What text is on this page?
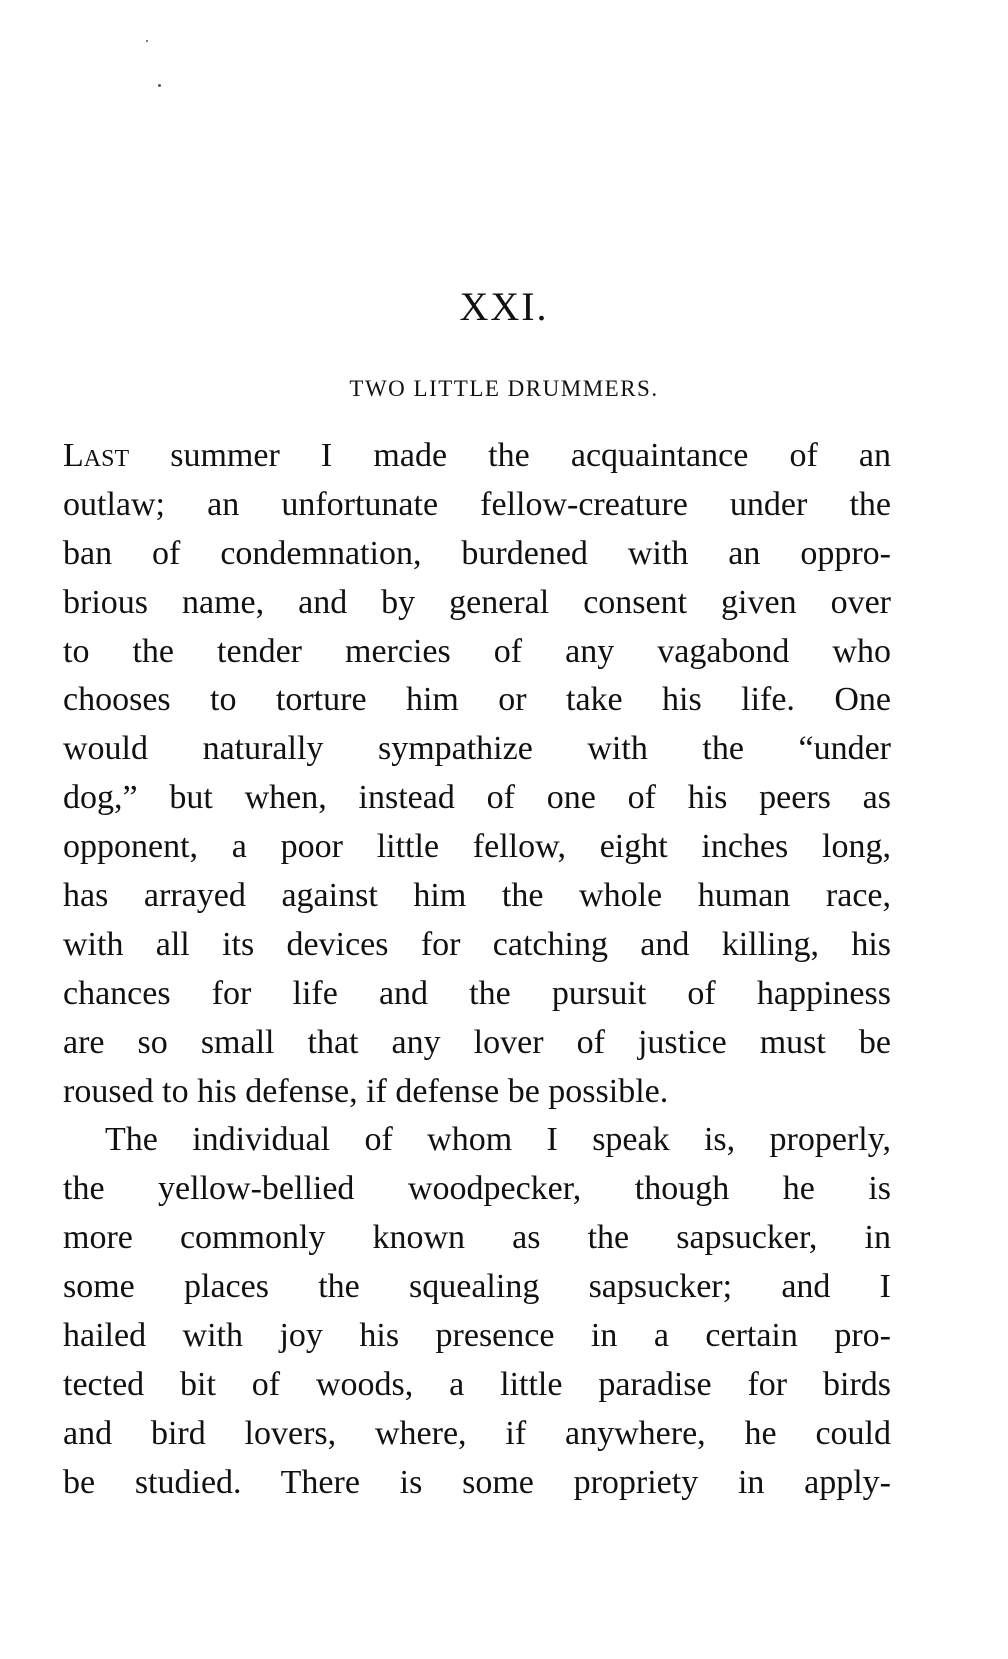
XXI.
TWO LITTLE DRUMMERS.
Last summer I made the acquaintance of an
outlaw; an unfortunate fellow-creature under the
ban of condemnation, burdened with an oppro-
brious name, and by general consent given over
to the tender mercies of any vagabond who
chooses to torture him or take his life. One
would naturally sympathize with the “under
dog,” but when, instead of one of his peers as
opponent, a poor little fellow, eight inches long,
has arrayed against him the whole human race,
with all its devices for catching and killing, his
chances for life and the pursuit of happiness
are so small that any lover of justice must be
roused to his defense, if defense be possible.
The individual of whom I speak is, properly,
the yellow-bellied woodpecker, though he is
more commonly known as the sapsucker, in
some places the squealing sapsucker; and I
hailed with joy his presence in a certain pro-
tected bit of woods, a little paradise for birds
and bird lovers, where, if anywhere, he could
be studied. There is some propriety in apply-
